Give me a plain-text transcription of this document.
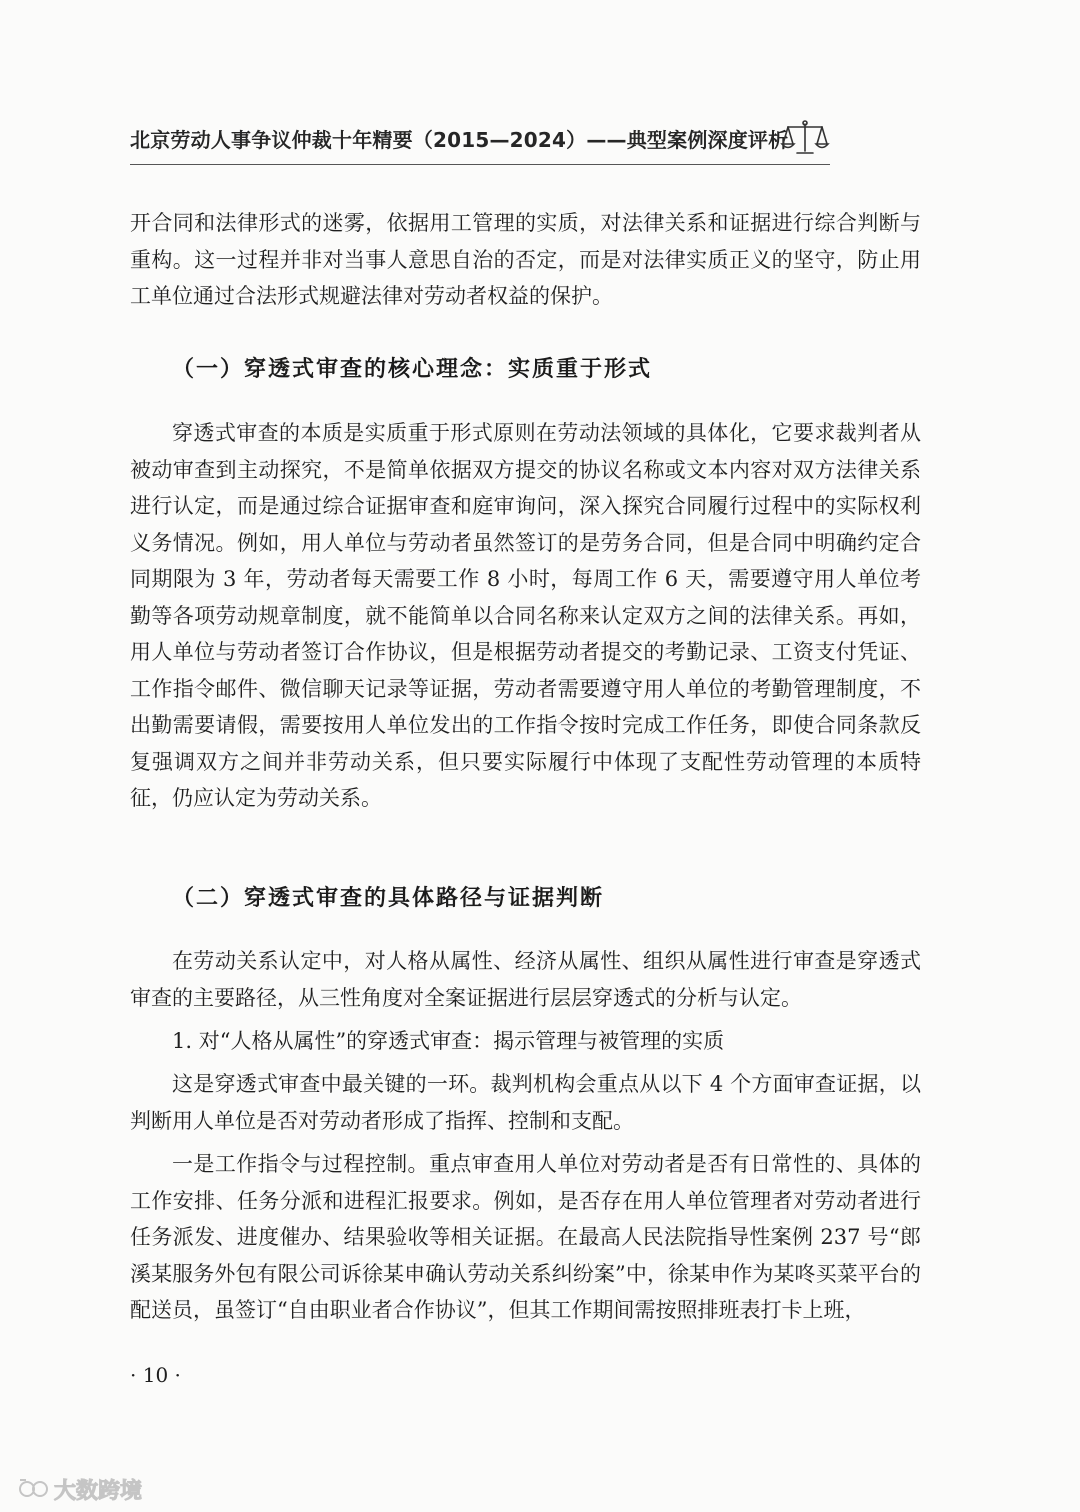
北京劳动人事争议仲裁十年精要（2015—2024）——典型案例深度评析

开合同和法律形式的迷雾，依据用工管理的实质，对法律关系和证据进行综合判断与重构。这一过程并非对当事人意思自治的否定，而是对法律实质正义的坚守，防止用工单位通过合法形式规避法律对劳动者权益的保护。

（一）穿透式审查的核心理念：实质重于形式

穿透式审查的本质是实质重于形式原则在劳动法领域的具体化，它要求裁判者从被动审查到主动探究，不是简单依据双方提交的协议名称或文本内容对双方法律关系进行认定，而是通过综合证据审查和庭审询问，深入探究合同履行过程中的实际权利义务情况。例如，用人单位与劳动者虽然签订的是劳务合同，但是合同中明确约定合同期限为 3 年，劳动者每天需要工作 8 小时，每周工作 6 天，需要遵守用人单位考勤等各项劳动规章制度，就不能简单以合同名称来认定双方之间的法律关系。再如，用人单位与劳动者签订合作协议，但是根据劳动者提交的考勤记录、工资支付凭证、工作指令邮件、微信聊天记录等证据，劳动者需要遵守用人单位的考勤管理制度，不出勤需要请假，需要按用人单位发出的工作指令按时完成工作任务，即使合同条款反复强调双方之间并非劳动关系，但只要实际履行中体现了支配性劳动管理的本质特征，仍应认定为劳动关系。

（二）穿透式审查的具体路径与证据判断

在劳动关系认定中，对人格从属性、经济从属性、组织从属性进行审查是穿透式审查的主要路径，从三性角度对全案证据进行层层穿透式的分析与认定。

1. 对“人格从属性”的穿透式审查：揭示管理与被管理的实质

这是穿透式审查中最关键的一环。裁判机构会重点从以下 4 个方面审查证据，以判断用人单位是否对劳动者形成了指挥、控制和支配。

一是工作指令与过程控制。重点审查用人单位对劳动者是否有日常性的、具体的工作安排、任务分派和进程汇报要求。例如，是否存在用人单位管理者对劳动者进行任务派发、进度催办、结果验收等相关证据。在最高人民法院指导性案例 237 号“郎溪某服务外包有限公司诉徐某申确认劳动关系纠纷案”中，徐某申作为某咚买菜平台的配送员，虽签订“自由职业者合作协议”，但其工作期间需按照排班表打卡上班，

· 10 ·
大数跨境
